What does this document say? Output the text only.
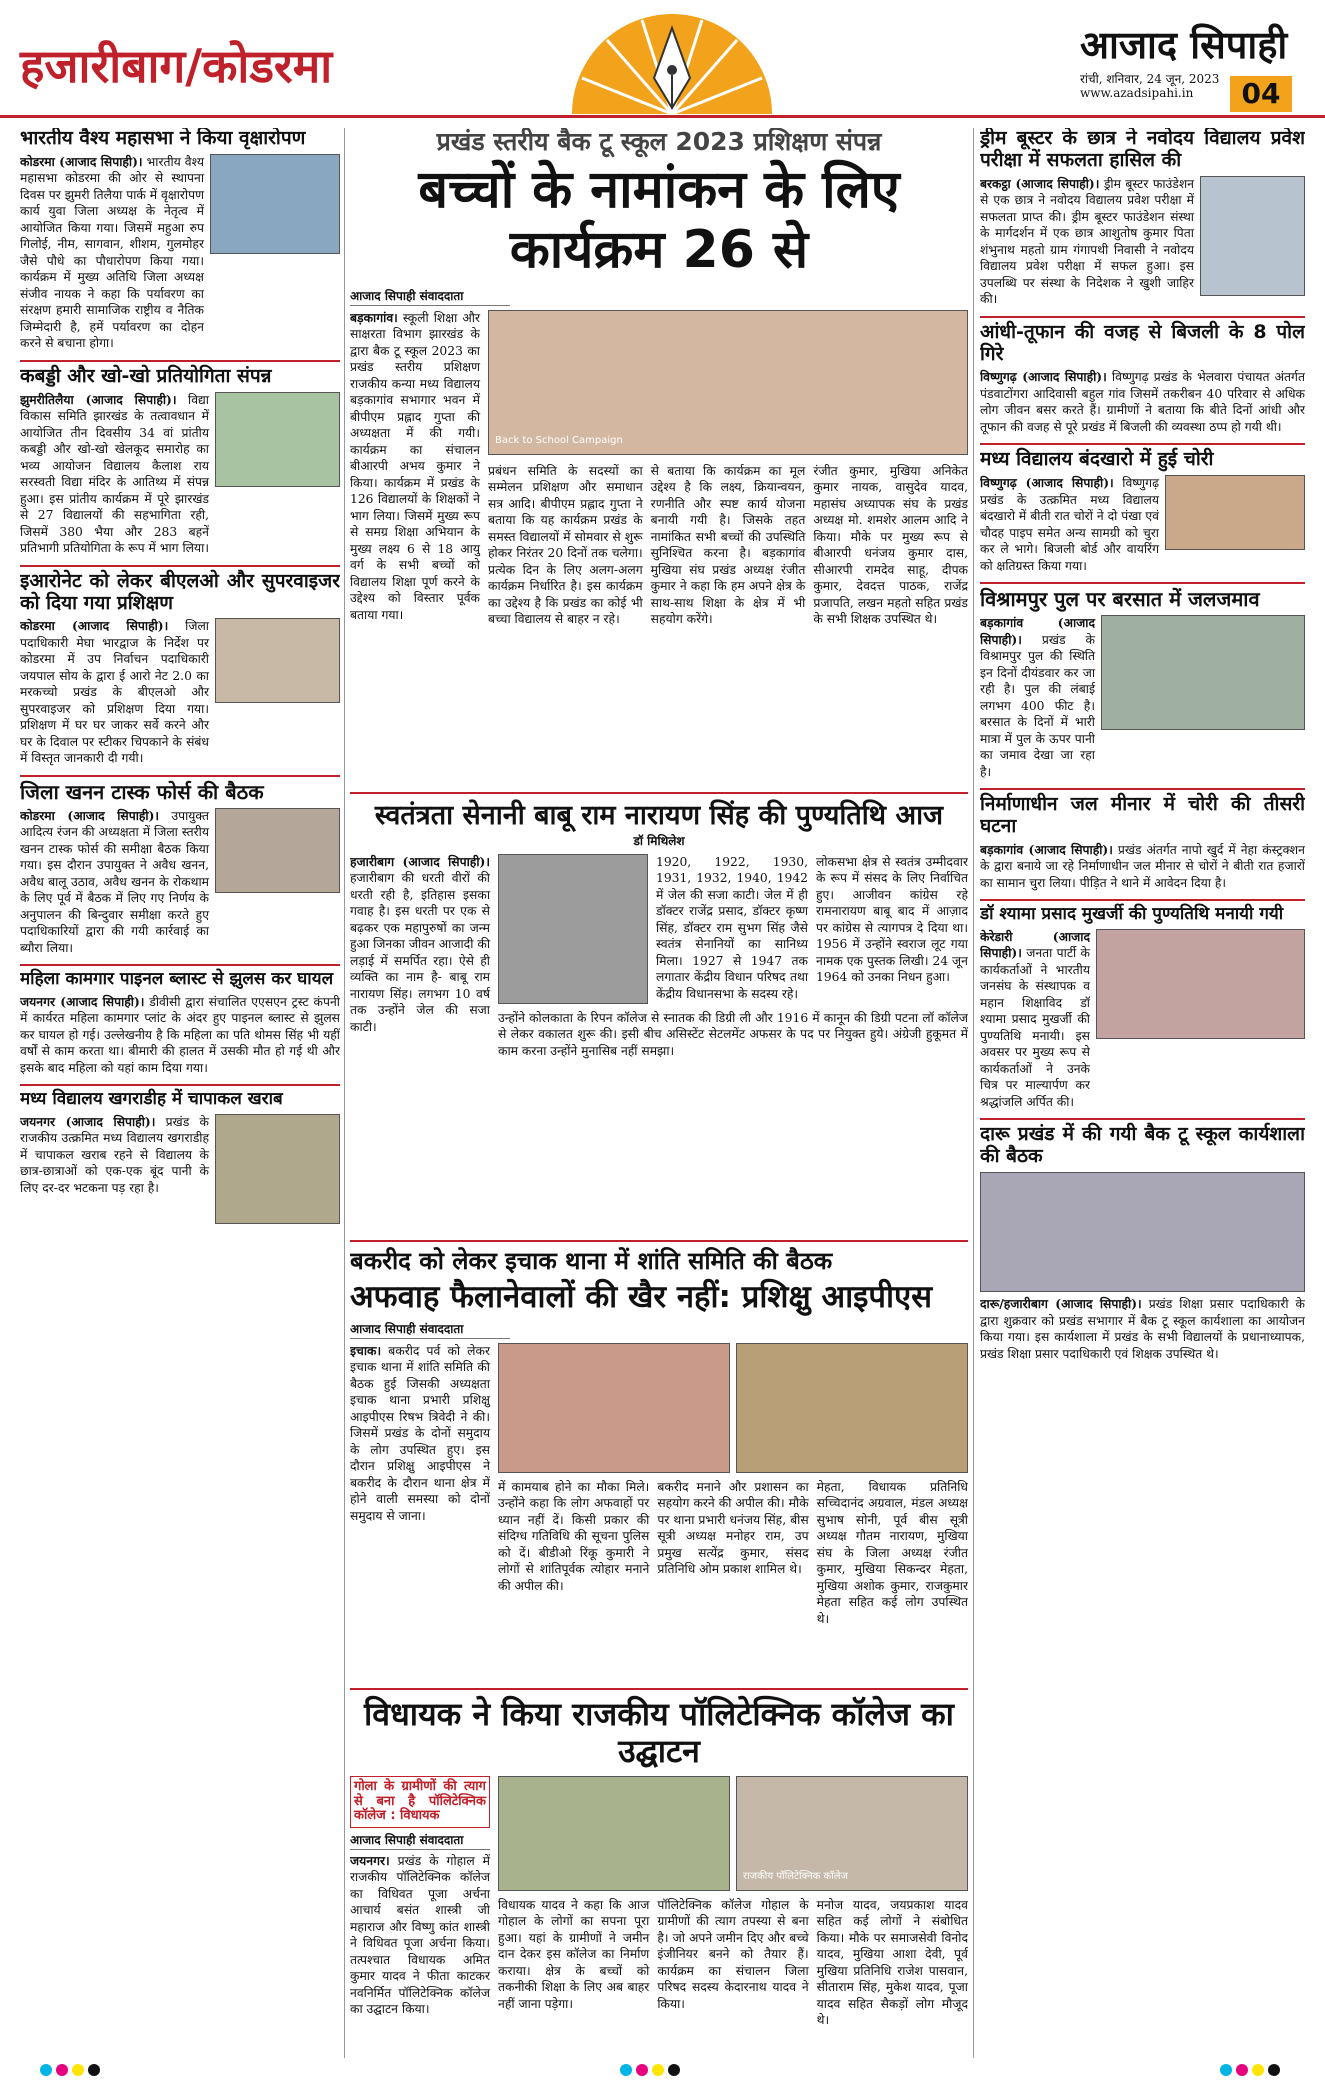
हजारीबाग/कोडरमा	आजाद सिपाही
रांची, शनिवार, 24 जून, 2023
www.azadsipahi.in	04
भारतीय वैश्य महासभा ने किया वृक्षारोपण
कोडरमा (आजाद सिपाही)। भारतीय वैश्य महासभा कोडरमा की ओर से स्थापना दिवस पर झुमरी तिलैया पार्क में वृक्षारोपण कार्य युवा जिला अध्यक्ष के नेतृत्व में आयोजित किया गया। जिसमें महुआ रुप गिलोई, नीम, सागवान, शीशम, गुलमोहर जैसे पौधे का पौधारोपण किया गया। कार्यक्रम में मुख्य अतिथि जिला अध्यक्ष संजीव नायक ने कहा कि पर्यावरण का संरक्षण हमारी सामाजिक राष्ट्रीय व नैतिक जिम्मेदारी है, हमें पर्यावरण का दोहन करने से बचाना होगा।
कबड्डी और खो-खो प्रतियोगिता संपन्न
झुमरीतिलैया (आजाद सिपाही)। विद्या विकास समिति झारखंड के तत्वावधान में आयोजित तीन दिवसीय 34 वां प्रांतीय कबड्डी और खो-खो खेलकूद समारोह का भव्य आयोजन विद्यालय कैलाश राय सरस्वती विद्या मंदिर के आतिथ्य में संपन्न हुआ। इस प्रांतीय कार्यक्रम में पूरे झारखंड से 27 विद्यालयों की सहभागिता रही, जिसमें 380 भैया और 283 बहनें प्रतिभागी प्रतियोगिता के रूप में भाग लिया।
इआरोनेट को लेकर बीएलओ और सुपरवाइजर को दिया गया प्रशिक्षण
कोडरमा (आजाद सिपाही)। जिला पदाधिकारी मेघा भारद्वाज के निर्देश पर कोडरमा में उप निर्वाचन पदाधिकारी जयपाल सोय के द्वारा ई आरो नेट 2.0 का मरकच्चो प्रखंड के बीएलओ और सुपरवाइजर को प्रशिक्षण दिया गया। प्रशिक्षण में घर घर जाकर सर्वे करने और घर के दिवाल पर स्टीकर चिपकाने के संबंध में विस्तृत जानकारी दी गयी।
जिला खनन टास्क फोर्स की बैठक
कोडरमा (आजाद सिपाही)। उपायुक्त आदित्य रंजन की अध्यक्षता में जिला स्तरीय खनन टास्क फोर्स की समीक्षा बैठक किया गया। इस दौरान उपायुक्त ने अवैध खनन, अवैध बालू उठाव, अवैध खनन के रोकथाम के लिए पूर्व में बैठक में लिए गए निर्णय के अनुपालन की बिन्दुवार समीक्षा करते हुए पदाधिकारियों द्वारा की गयी कार्रवाई का ब्यौरा लिया।
महिला कामगार पाइनल ब्लास्ट से झुलस कर घायल
जयनगर (आजाद सिपाही)। डीवीसी द्वारा संचालित एएसएन ट्रस्ट कंपनी में कार्यरत महिला कामगार प्लांट के अंदर हुए पाइनल ब्लास्ट से झुलस कर घायल हो गई। उल्लेखनीय है कि महिला का पति थोमस सिंह भी यहीं वर्षों से काम करता था। बीमारी की हालत में उसकी मौत हो गई थी और इसके बाद महिला को यहां काम दिया गया।
मध्य विद्यालय खगराडीह में चापाकल खराब
जयनगर (आजाद सिपाही)। प्रखंड के राजकीय उत्क्रमित मध्य विद्यालय खगराडीह में चापाकल खराब रहने से विद्यालय के छात्र-छात्राओं को एक-एक बूंद पानी के लिए दर-दर भटकना पड़ रहा है।
प्रखंड स्तरीय बैक टू स्कूल 2023 प्रशिक्षण संपन्न
बच्चों के नामांकन के लिए कार्यक्रम 26 से
आजाद सिपाही संवाददाता
बड़कागांव। स्कूली शिक्षा और साक्षरता विभाग झारखंड के द्वारा बैक टू स्कूल 2023 का प्रखंड स्तरीय प्रशिक्षण राजकीय कन्या मध्य विद्यालय बड़कागांव सभागार भवन में बीपीएम प्रह्लाद गुप्ता की अध्यक्षता में की गयी। कार्यक्रम का संचालन बीआरपी अभय कुमार ने किया। कार्यक्रम में प्रखंड के 126 विद्यालयों के शिक्षकों ने भाग लिया। जिसमें मुख्य रूप से समग्र शिक्षा अभियान के मुख्य लक्ष्य 6 से 18 आयु वर्ग के सभी बच्चों को विद्यालय शिक्षा पूर्ण करने के उद्देश्य को विस्तार पूर्वक बताया गया।
Back to School Campaign
प्रबंधन समिति के सदस्यों का सम्मेलन प्रशिक्षण और समाधान सत्र आदि। बीपीएम प्रह्लाद गुप्ता ने बताया कि यह कार्यक्रम प्रखंड के समस्त विद्यालयों में सोमवार से शुरू होकर निरंतर 20 दिनों तक चलेगा। प्रत्येक दिन के लिए अलग-अलग कार्यक्रम निर्धारित है। इस कार्यक्रम का उद्देश्य है कि प्रखंड का कोई भी बच्चा विद्यालय से बाहर न रहे।
से बताया कि कार्यक्रम का मूल उद्देश्य है कि लक्ष्य, क्रियान्वयन, रणनीति और स्पष्ट कार्य योजना बनायी गयी है। जिसके तहत नामांकित सभी बच्चों की उपस्थिति सुनिश्चित करना है। बड़कागांव मुखिया संघ प्रखंड अध्यक्ष रंजीत कुमार ने कहा कि हम अपने क्षेत्र के साथ-साथ शिक्षा के क्षेत्र में भी सहयोग करेंगे।
रंजीत कुमार, मुखिया अनिकेत कुमार नायक, वासुदेव यादव, महासंघ अध्यापक संघ के प्रखंड अध्यक्ष मो. शमशेर आलम आदि ने किया। मौके पर मुख्य रूप से बीआरपी धनंजय कुमार दास, सीआरपी रामदेव साहू, दीपक कुमार, देवदत्त पाठक, राजेंद्र प्रजापति, लखन महतो सहित प्रखंड के सभी शिक्षक उपस्थित थे।
स्वतंत्रता सेनानी बाबू राम नारायण सिंह की पुण्यतिथि आज
डॉ मिथिलेश
हजारीबाग (आजाद सिपाही)। हजारीबाग की धरती वीरों की धरती रही है, इतिहास इसका गवाह है। इस धरती पर एक से बढ़कर एक महापुरुषों का जन्म हुआ जिनका जीवन आजादी की लड़ाई में समर्पित रहा। ऐसे ही व्यक्ति का नाम है- बाबू राम नारायण सिंह। लगभग 10 वर्ष तक उन्होंने जेल की सजा काटी।
1920, 1922, 1930, 1931, 1932, 1940, 1942 में जेल की सजा काटी। जेल में ही डॉक्टर राजेंद्र प्रसाद, डॉक्टर कृष्ण सिंह, डॉक्टर राम सुभग सिंह जैसे स्वतंत्र सेनानियों का सानिध्य मिला। 1927 से 1947 तक लगातार केंद्रीय विधान परिषद तथा केंद्रीय विधानसभा के सदस्य रहे।
लोकसभा क्षेत्र से स्वतंत्र उम्मीदवार के रूप में संसद के लिए निर्वाचित हुए। आजीवन कांग्रेस रहे रामनारायण बाबू बाद में आज़ाद पर कांग्रेस से त्यागपत्र दे दिया था। 1956 में उन्होंने स्वराज लूट गया नामक एक पुस्तक लिखी। 24 जून 1964 को उनका निधन हुआ।
उन्होंने कोलकाता के रिपन कॉलेज से स्नातक की डिग्री ली और 1916 में कानून की डिग्री पटना लॉ कॉलेज से लेकर वकालत शुरू की। इसी बीच असिस्टेंट सेटलमेंट अफसर के पद पर नियुक्त हुये। अंग्रेजी हुकूमत में काम करना उन्होंने मुनासिब नहीं समझा।
बकरीद को लेकर इचाक थाना में शांति समिति की बैठक
अफवाह फैलानेवालों की खैर नहीं: प्रशिक्षु आइपीएस
आजाद सिपाही संवाददाता
इचाक। बकरीद पर्व को लेकर इचाक थाना में शांति समिति की बैठक हुई जिसकी अध्यक्षता इचाक थाना प्रभारी प्रशिक्षु आइपीएस रिषभ त्रिवेदी ने की। जिसमें प्रखंड के दोनों समुदाय के लोग उपस्थित हुए। इस दौरान प्रशिक्षु आइपीएस ने बकरीद के दौरान थाना क्षेत्र में होने वाली समस्या को दोनों समुदाय से जाना।
में कामयाब होने का मौका मिले। उन्होंने कहा कि लोग अफवाहों पर ध्यान नहीं दें। किसी प्रकार की संदिग्ध गतिविधि की सूचना पुलिस को दें। बीडीओ रिंकू कुमारी ने लोगों से शांतिपूर्वक त्योहार मनाने की अपील की।
बकरीद मनाने और प्रशासन का सहयोग करने की अपील की। मौके पर थाना प्रभारी धनंजय सिंह, बीस सूत्री अध्यक्ष मनोहर राम, उप प्रमुख सत्येंद्र कुमार, संसद प्रतिनिधि ओम प्रकाश शामिल थे।
मेहता, विधायक प्रतिनिधि सच्चिदानंद अग्रवाल, मंडल अध्यक्ष सुभाष सोनी, पूर्व बीस सूत्री अध्यक्ष गौतम नारायण, मुखिया संघ के जिला अध्यक्ष रंजीत कुमार, मुखिया सिकन्दर मेहता, मुखिया अशोक कुमार, राजकुमार मेहता सहित कई लोग उपस्थित थे।
विधायक ने किया राजकीय पॉलिटेक्निक कॉलेज का उद्घाटन
गोला के ग्रामीणों की त्याग से बना है पॉलिटेक्निक कॉलेज : विधायक
आजाद सिपाही संवाददाता
जयनगर। प्रखंड के गोहाल में राजकीय पॉलिटेक्निक कॉलेज का विधिवत पूजा अर्चना आचार्य बसंत शास्त्री जी महाराज और विष्णु कांत शास्त्री ने विधिवत पूजा अर्चना किया। तत्पश्चात विधायक अमित कुमार यादव ने फीता काटकर नवनिर्मित पॉलिटेक्निक कॉलेज का उद्घाटन किया।
राजकीय पॉलिटेक्निक कॉलेज
विधायक यादव ने कहा कि आज गोहाल के लोगों का सपना पूरा हुआ। यहां के ग्रामीणों ने जमीन दान देकर इस कॉलेज का निर्माण कराया। क्षेत्र के बच्चों को तकनीकी शिक्षा के लिए अब बाहर नहीं जाना पड़ेगा।
पॉलिटेक्निक कॉलेज गोहाल के ग्रामीणों की त्याग तपस्या से बना है। जो अपने जमीन दिए और बच्चे इंजीनियर बनने को तैयार हैं। कार्यक्रम का संचालन जिला परिषद सदस्य केदारनाथ यादव ने किया।
मनोज यादव, जयप्रकाश यादव सहित कई लोगों ने संबोधित किया। मौके पर समाजसेवी विनोद यादव, मुखिया आशा देवी, पूर्व मुखिया प्रतिनिधि राजेश पासवान, सीताराम सिंह, मुकेश यादव, पूजा यादव सहित सैकड़ों लोग मौजूद थे।
ड्रीम बूस्टर के छात्र ने नवोदय विद्यालय प्रवेश परीक्षा में सफलता हासिल की
बरकट्ठा (आजाद सिपाही)। ड्रीम बूस्टर फाउंडेशन से एक छात्र ने नवोदय विद्यालय प्रवेश परीक्षा में सफलता प्राप्त की। ड्रीम बूस्टर फाउंडेशन संस्था के मार्गदर्शन में एक छात्र आशुतोष कुमार पिता शंभुनाथ महतो ग्राम गंगापथी निवासी ने नवोदय विद्यालय प्रवेश परीक्षा में सफल हुआ। इस उपलब्धि पर संस्था के निदेशक ने खुशी जाहिर की।
आंधी-तूफान की वजह से बिजली के 8 पोल गिरे
विष्णुगढ़ (आजाद सिपाही)। विष्णुगढ़ प्रखंड के भेलवारा पंचायत अंतर्गत पंडवाटोंगरा आदिवासी बहुल गांव जिसमें तकरीबन 40 परिवार से अधिक लोग जीवन बसर करते हैं। ग्रामीणों ने बताया कि बीते दिनों आंधी और तूफान की वजह से पूरे प्रखंड में बिजली की व्यवस्था ठप्प हो गयी थी।
मध्य विद्यालय बंदखारो में हुई चोरी
विष्णुगढ़ (आजाद सिपाही)। विष्णुगढ़ प्रखंड के उत्क्रमित मध्य विद्यालय बंदखारो में बीती रात चोरों ने दो पंखा एवं चौदह पाइप समेत अन्य सामग्री को चुरा कर ले भागे। बिजली बोर्ड और वायरिंग को क्षतिग्रस्त किया गया।
विश्रामपुर पुल पर बरसात में जलजमाव
बड़कागांव (आजाद सिपाही)। प्रखंड के विश्रामपुर पुल की स्थिति इन दिनों दीयंडवार कर जा रही है। पुल की लंबाई लगभग 400 फीट है। बरसात के दिनों में भारी मात्रा में पुल के ऊपर पानी का जमाव देखा जा रहा है।
निर्माणाधीन जल मीनार में चोरी की तीसरी घटना
बड़कागांव (आजाद सिपाही)। प्रखंड अंतर्गत नापो खुर्द में नेहा कंस्ट्रक्शन के द्वारा बनाये जा रहे निर्माणाधीन जल मीनार से चोरों ने बीती रात हजारों का सामान चुरा लिया। पीड़ित ने थाने में आवेदन दिया है।
डॉ श्यामा प्रसाद मुखर्जी की पुण्यतिथि मनायी गयी
केरेडारी (आजाद सिपाही)। जनता पार्टी के कार्यकर्ताओं ने भारतीय जनसंघ के संस्थापक व महान शिक्षाविद डॉ श्यामा प्रसाद मुखर्जी की पुण्यतिथि मनायी। इस अवसर पर मुख्य रूप से कार्यकर्ताओं ने उनके चित्र पर माल्यार्पण कर श्रद्धांजलि अर्पित की।
दारू प्रखंड में की गयी बैक टू स्कूल कार्यशाला की बैठक
दारू/हजारीबाग (आजाद सिपाही)। प्रखंड शिक्षा प्रसार पदाधिकारी के द्वारा शुक्रवार को प्रखंड सभागार में बैक टू स्कूल कार्यशाला का आयोजन किया गया। इस कार्यशाला में प्रखंड के सभी विद्यालयों के प्रधानाध्यापक, प्रखंड शिक्षा प्रसार पदाधिकारी एवं शिक्षक उपस्थित थे।
